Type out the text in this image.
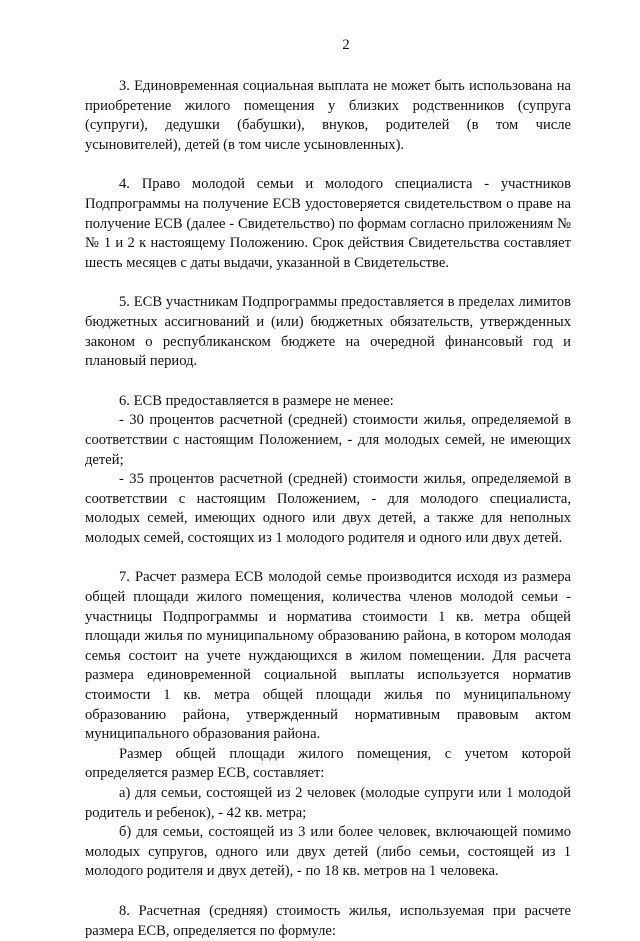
2

3. Единовременная социальная выплата не может быть использована на приобретение жилого помещения у близких родственников (супруга (супруги), дедушки (бабушки), внуков, родителей (в том числе усыновителей), детей (в том числе усыновленных).

4. Право молодой семьи и молодого специалиста - участников Подпрограммы на получение ЕСВ удостоверяется свидетельством о праве на получение ЕСВ (далее - Свидетельство) по формам согласно приложениям №№ 1 и 2 к настоящему Положению. Срок действия Свидетельства составляет шесть месяцев с даты выдачи, указанной в Свидетельстве.

5. ЕСВ участникам Подпрограммы предоставляется в пределах лимитов бюджетных ассигнований и (или) бюджетных обязательств, утвержденных законом о республиканском бюджете на очередной финансовый год и плановый период.

6. ЕСВ предоставляется в размере не менее:

- 30 процентов расчетной (средней) стоимости жилья, определяемой в соответствии с настоящим Положением, - для молодых семей, не имеющих детей;

- 35 процентов расчетной (средней) стоимости жилья, определяемой в соответствии с настоящим Положением, - для молодого специалиста, молодых семей, имеющих одного или двух детей, а также для неполных молодых семей, состоящих из 1 молодого родителя и одного или двух детей.

7. Расчет размера ЕСВ молодой семье производится исходя из размера общей площади жилого помещения, количества членов молодой семьи - участницы Подпрограммы и норматива стоимости 1 кв. метра общей площади жилья по муниципальному образованию района, в котором молодая семья состоит на учете нуждающихся в жилом помещении. Для расчета размера единовременной социальной выплаты используется норматив стоимости 1 кв. метра общей площади жилья по муниципальному образованию района, утвержденный нормативным правовым актом муниципального образования района.

Размер общей площади жилого помещения, с учетом которой определяется размер ЕСВ, составляет:

а) для семьи, состоящей из 2 человек (молодые супруги или 1 молодой родитель и ребенок), - 42 кв. метра;

б) для семьи, состоящей из 3 или более человек, включающей помимо молодых супругов, одного или двух детей (либо семьи, состоящей из 1 молодого родителя и двух детей), - по 18 кв. метров на 1 человека.

8. Расчетная (средняя) стоимость жилья, используемая при расчете размера ЕСВ, определяется по формуле:
